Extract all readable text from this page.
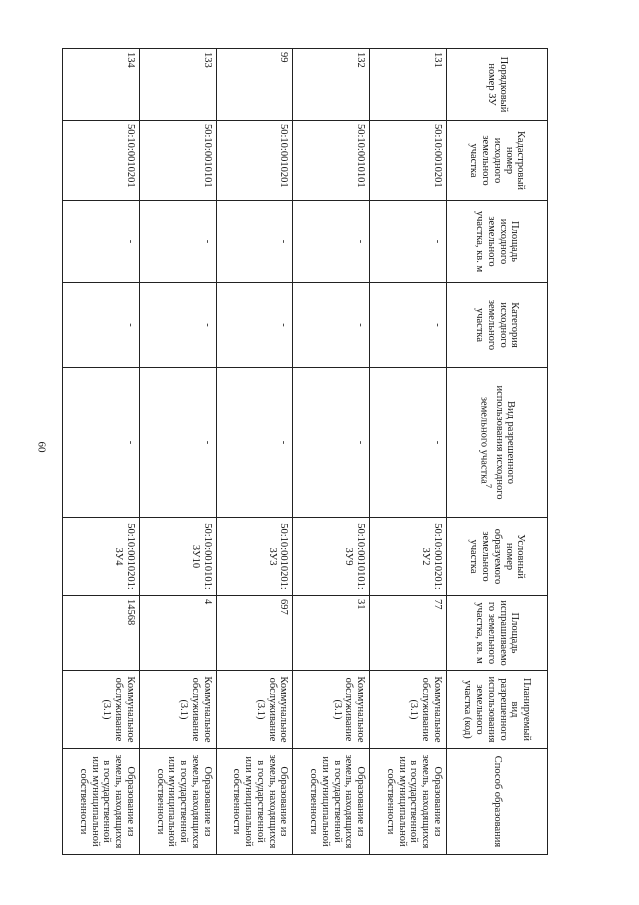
60
Порядковый номер ЗУ	Кадастровый номер исходного земельного участка	Площадь исходного земельного участка, кв. м	Категория исходного земельного участка	Вид разрешенного использования исходного земельного участка$^7$	Условный номер образуемого земельного участка	Площадь испрашиваемого земельного участка, кв. м	Планируемый вид разрешенного использования земельного участка (код)	Способ образования
131	50:10:0010201	-	-	-	50:10:0010201:3У2	77	Коммунальное обслуживание (3.1)	Образование из земель, находящихся в государственной или муниципальной собственности
132	50:10:0010101	-	-	-	50:10:0010101:3У9	31	Коммунальное обслуживание (3.1)	Образование из земель, находящихся в государственной или муниципальной собственности
99	50:10:0010201	-	-	-	50:10:0010201:3У3	697	Коммунальное обслуживание (3.1)	Образование из земель, находящихся в государственной или муниципальной собственности
133	50:10:0010101	-	-	-	50:10:0010101:3У10	4	Коммунальное обслуживание (3.1)	Образование из земель, находящихся в государственной или муниципальной собственности
134	50:10:0010201	-	-	-	50:10:0010201:3У4	14568	Коммунальное обслуживание (3.1)	Образование из земель, находящихся в государственной или муниципальной собственности
